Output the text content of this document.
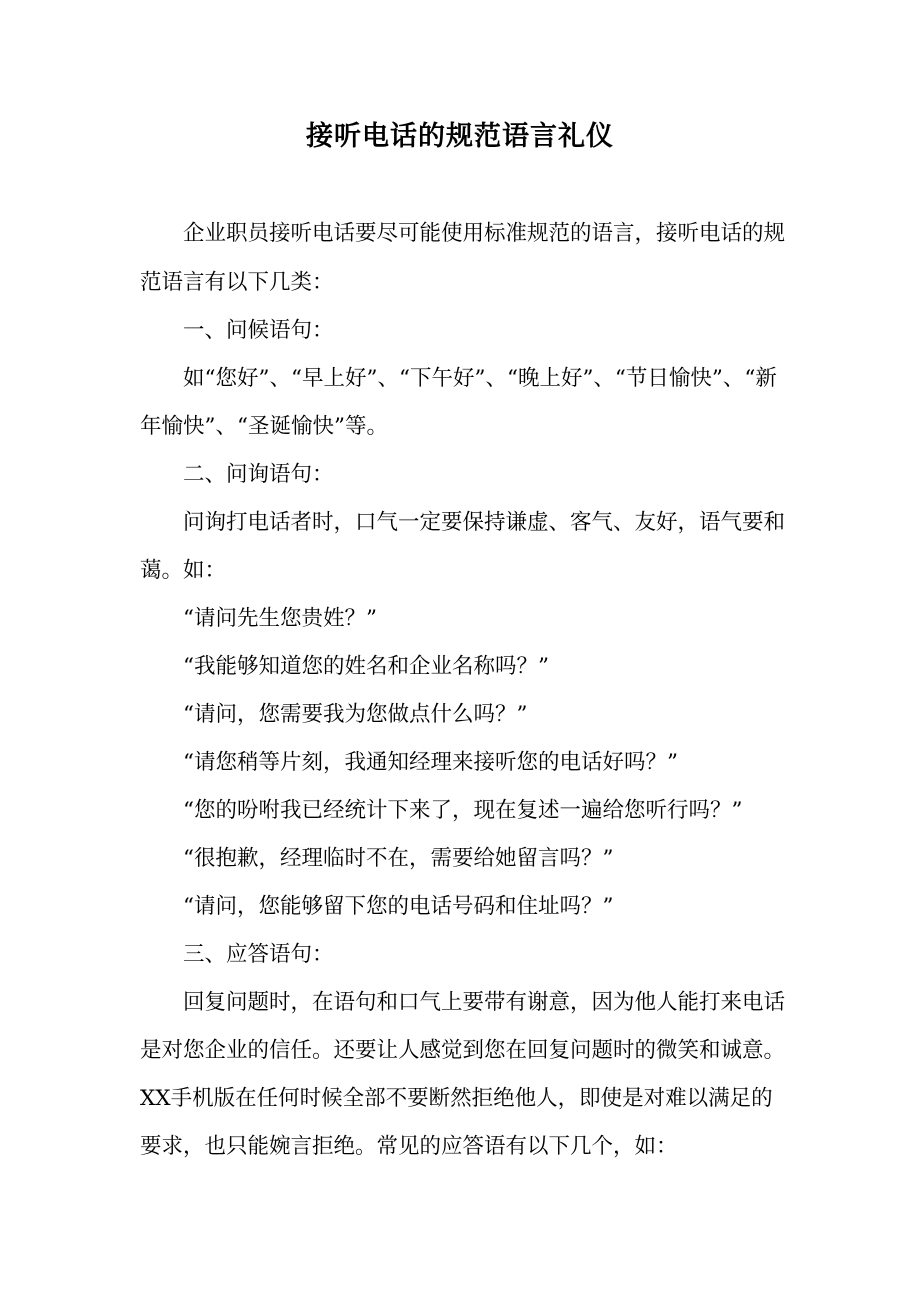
接听电话的规范语言礼仪

企业职员接听电话要尽可能使用标准规范的语言，接听电话的规

范语言有以下几类：

一、问候语句：

如“您好”、“早上好”、“下午好”、“晚上好”、“节日愉快”、“新

年愉快”、“圣诞愉快”等。

二、问询语句：

问询打电话者时，口气一定要保持谦虚、客气、友好，语气要和

蔼。如：

“请问先生您贵姓？”

“我能够知道您的姓名和企业名称吗？”

“请问，您需要我为您做点什么吗？”

“请您稍等片刻，我通知经理来接听您的电话好吗？”

“您的吩咐我已经统计下来了，现在复述一遍给您听行吗？”

“很抱歉，经理临时不在，需要给她留言吗？”

“请问，您能够留下您的电话号码和住址吗？”

三、应答语句：

回复问题时，在语句和口气上要带有谢意，因为他人能打来电话

是对您企业的信任。还要让人感觉到您在回复问题时的微笑和诚意。

XX手机版在任何时候全部不要断然拒绝他人，即使是对难以满足的

要求，也只能婉言拒绝。常见的应答语有以下几个，如：
